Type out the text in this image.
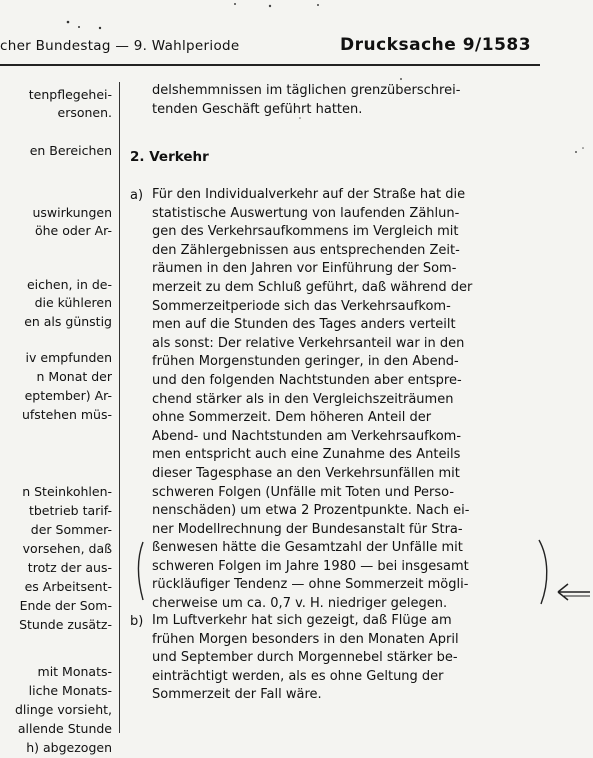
cher Bundestag — 9. Wahlperiode	Drucksache 9/1583
tenpflegehei-
ersonen.
en Bereichen
uswirkungen
öhe oder Ar-
eichen, in de-
die kühleren
en als günstig
iv empfunden
n Monat der
eptember) Ar-
ufstehen müs-
n Steinkohlen-
tbetrieb tarif-
der Sommer-
vorsehen, daß
trotz der aus-
es Arbeitsent-
Ende der Som-
Stunde zusätz-
mit Monats-
liche Monats-
dlinge vorsieht,
allende Stunde
h) abgezogen
delshemmnissen im täglichen grenzüberschrei-
tenden Geschäft geführt hatten.
2. Verkehr
a) Für den Individualverkehr auf der Straße hat die
statistische Auswertung von laufenden Zählun-
gen des Verkehrsaufkommens im Vergleich mit
den Zählergebnissen aus entsprechenden Zeit-
räumen in den Jahren vor Einführung der Som-
merzeit zu dem Schluß geführt, daß während der
Sommerzeitperiode sich das Verkehrsaufkom-
men auf die Stunden des Tages anders verteilt
als sonst: Der relative Verkehrsanteil war in den
frühen Morgenstunden geringer, in den Abend-
und den folgenden Nachtstunden aber entspre-
chend stärker als in den Vergleichszeiträumen
ohne Sommerzeit. Dem höheren Anteil der
Abend- und Nachtstunden am Verkehrsaufkom-
men entspricht auch eine Zunahme des Anteils
dieser Tagesphase an den Verkehrsunfällen mit
schweren Folgen (Unfälle mit Toten und Perso-
nenschäden) um etwa 2 Prozentpunkte. Nach ei-
ner Modellrechnung der Bundesanstalt für Stra-
ßenwesen hätte die Gesamtzahl der Unfälle mit
schweren Folgen im Jahre 1980 — bei insgesamt
rückläufiger Tendenz — ohne Sommerzeit mögli-
cherweise um ca. 0,7 v. H. niedriger gelegen.
b) Im Luftverkehr hat sich gezeigt, daß Flüge am
frühen Morgen besonders in den Monaten April
und September durch Morgennebel stärker be-
einträchtigt werden, als es ohne Geltung der
Sommerzeit der Fall wäre.
